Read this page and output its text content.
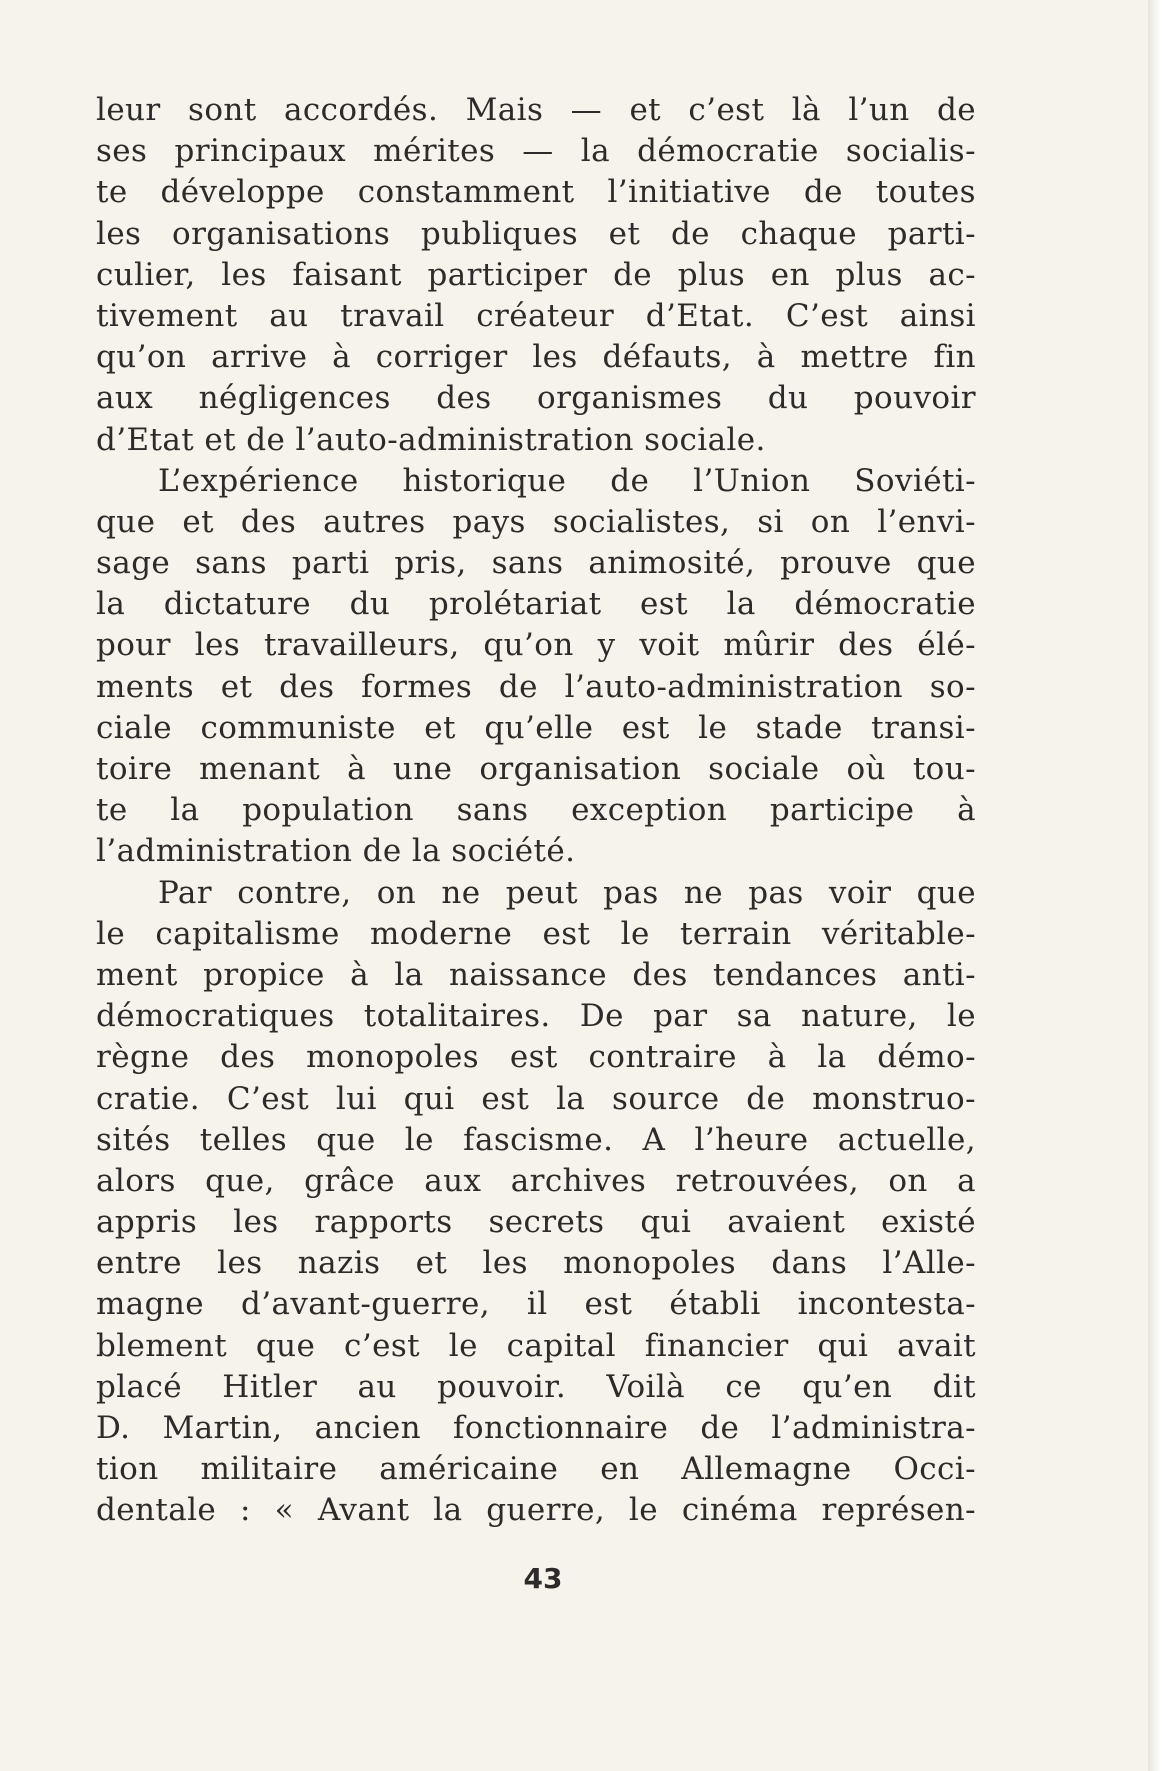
leur sont accordés. Mais — et c’est là l’un de
ses principaux mérites — la démocratie socialis-
te développe constamment l’initiative de toutes
les organisations publiques et de chaque parti-
culier, les faisant participer de plus en plus ac-
tivement au travail créateur d’Etat. C’est ainsi
qu’on arrive à corriger les défauts, à mettre fin
aux négligences des organismes du pouvoir
d’Etat et de l’auto-administration sociale.
L’expérience historique de l’Union Soviéti-
que et des autres pays socialistes, si on l’envi-
sage sans parti pris, sans animosité, prouve que
la dictature du prolétariat est la démocratie
pour les travailleurs, qu’on y voit mûrir des élé-
ments et des formes de l’auto-administration so-
ciale communiste et qu’elle est le stade transi-
toire menant à une organisation sociale où tou-
te la population sans exception participe à
l’administration de la société.
Par contre, on ne peut pas ne pas voir que
le capitalisme moderne est le terrain véritable-
ment propice à la naissance des tendances anti-
démocratiques totalitaires. De par sa nature, le
règne des monopoles est contraire à la démo-
cratie. C’est lui qui est la source de monstruo-
sités telles que le fascisme. A l’heure actuelle,
alors que, grâce aux archives retrouvées, on a
appris les rapports secrets qui avaient existé
entre les nazis et les monopoles dans l’Alle-
magne d’avant-guerre, il est établi incontesta-
blement que c’est le capital financier qui avait
placé Hitler au pouvoir. Voilà ce qu’en dit
D. Martin, ancien fonctionnaire de l’administra-
tion militaire américaine en Allemagne Occi-
dentale : « Avant la guerre, le cinéma représen-
43
